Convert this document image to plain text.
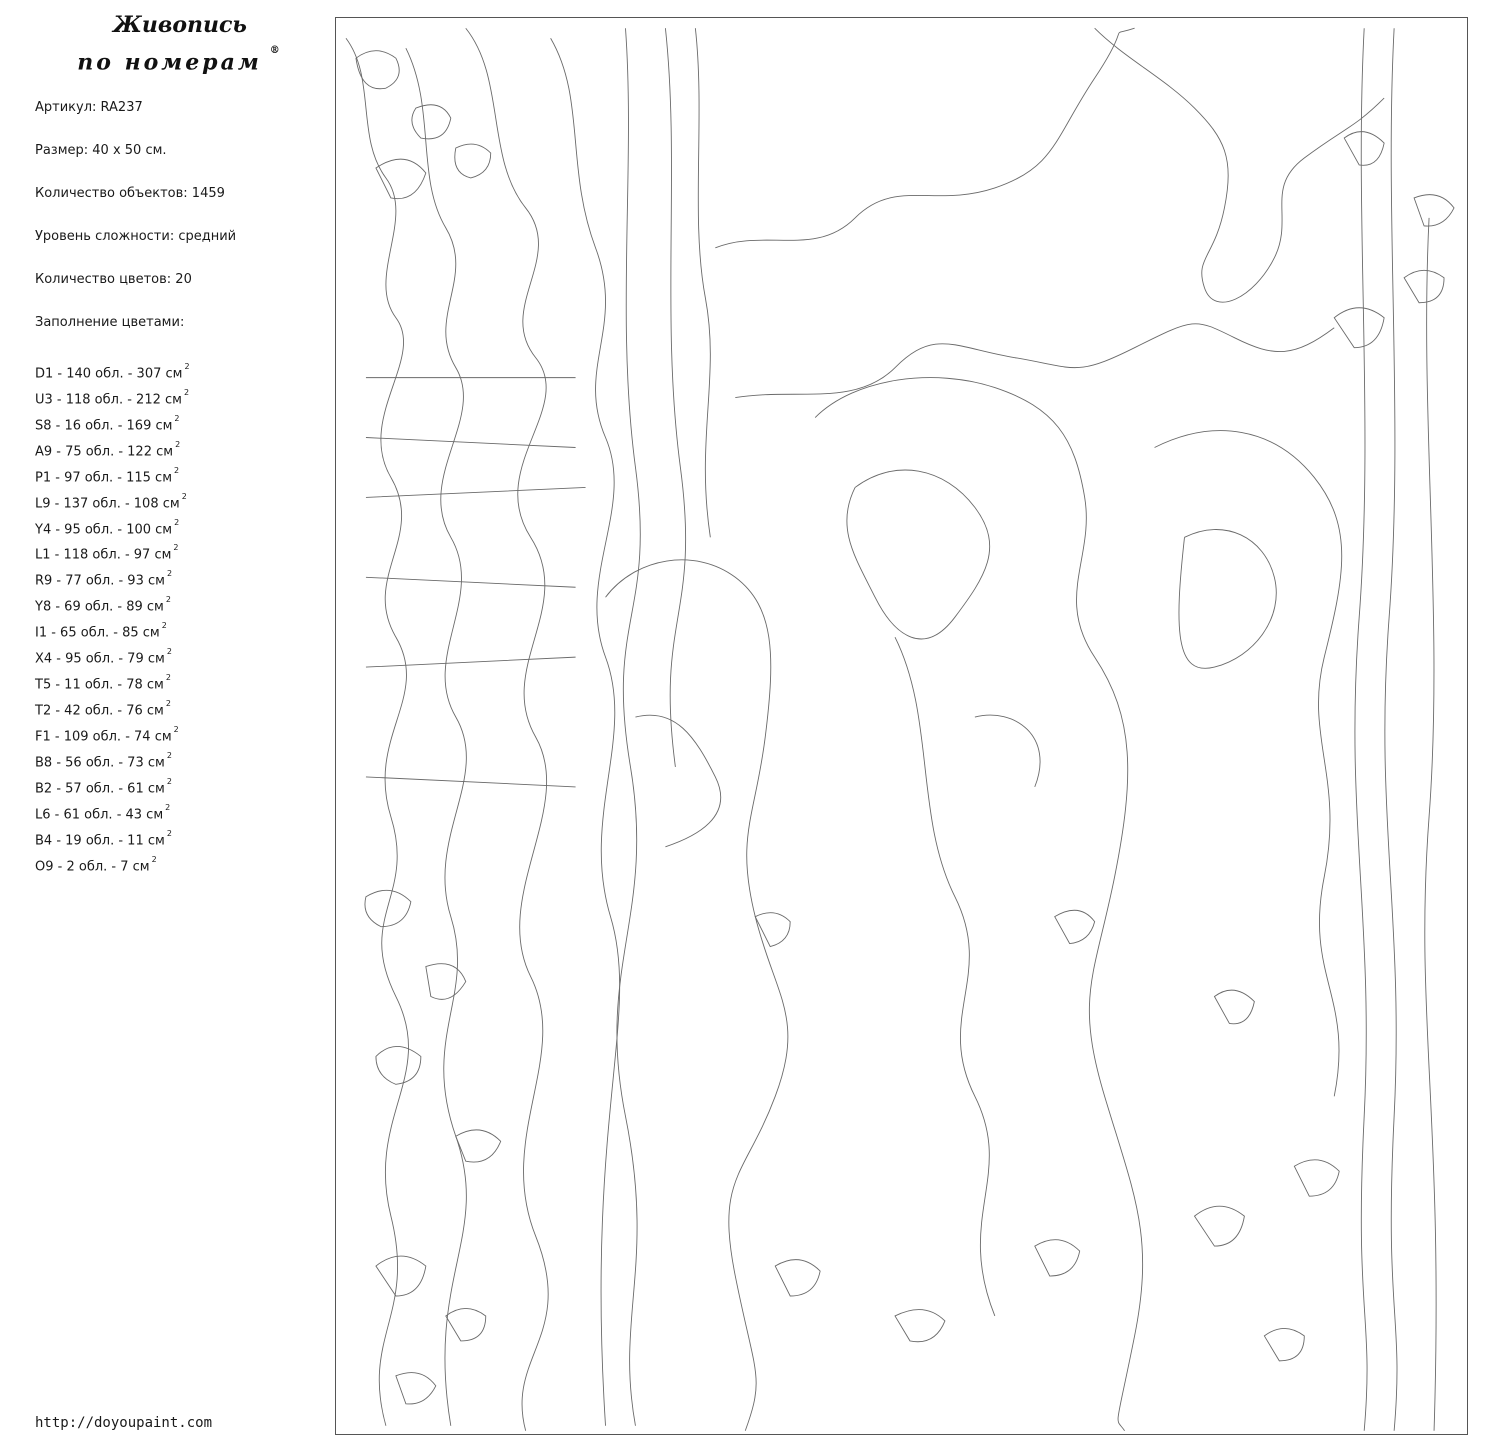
Живопись
по номерам ®
Артикул: RA237
Размер: 40 х 50 см.
Количество объектов: 1459
Уровень сложности: средний
Количество цветов: 20
Заполнение цветами:
D1 - 140 обл. - 307 см $^2$
U3 - 118 обл. - 212 см $^2$
S8 - 16 обл. - 169 см $^2$
A9 - 75 обл. - 122 см $^2$
P1 - 97 обл. - 115 см $^2$
L9 - 137 обл. - 108 см $^2$
Y4 - 95 обл. - 100 см $^2$
L1 - 118 обл. - 97 см $^2$
R9 - 77 обл. - 93 см $^2$
Y8 - 69 обл. - 89 см $^2$
I1 - 65 обл. - 85 см $^2$
X4 - 95 обл. - 79 см $^2$
T5 - 11 обл. - 78 см $^2$
T2 - 42 обл. - 76 см $^2$
F1 - 109 обл. - 74 см $^2$
B8 - 56 обл. - 73 см $^2$
B2 - 57 обл. - 61 см $^2$
L6 - 61 обл. - 43 см $^2$
B4 - 19 обл. - 11 см $^2$
O9 - 2 обл. - 7 см $^2$
http://doyoupaint.com
